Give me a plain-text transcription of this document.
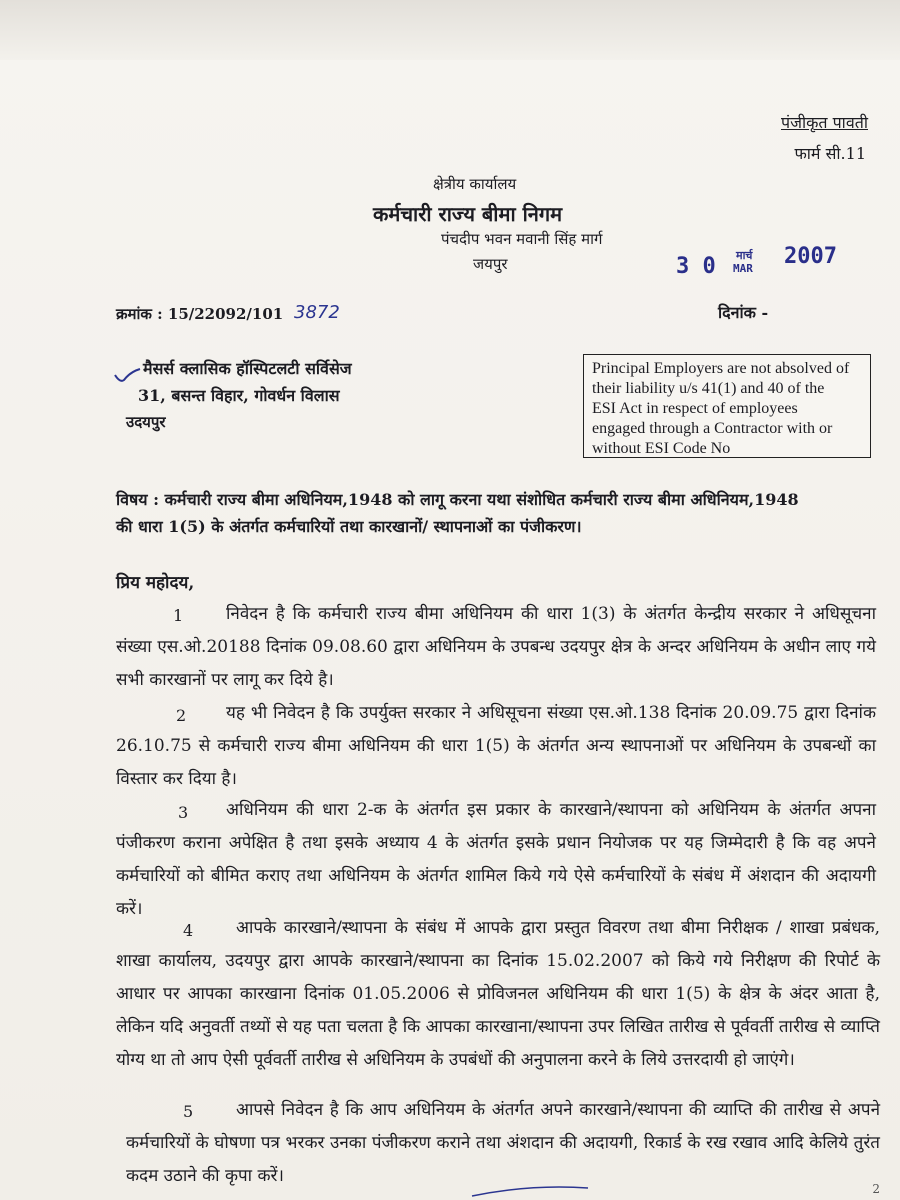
पंजीकृत पावती
फार्म सी.11
क्षेत्रीय कार्यालय
कर्मचारी राज्य बीमा निगम
पंचदीप भवन मवानी सिंह मार्ग
जयपुर	3 0 मार्च
MAR 2007
क्रमांक : 15/22092/101 3872	दिनांक -
मैसर्स क्लासिक हॉस्पिटलटी सर्विसेज
31, बसन्त विहार, गोवर्धन विलास
उदयपुर
Principal Employers are not absolved of
their liability u/s 41(1) and 40 of the
ESI Act in respect of employees
engaged through a Contractor with or
without ESI Code No
विषय : कर्मचारी राज्य बीमा अधिनियम,1948 को लागू करना यथा संशोधित कर्मचारी राज्य बीमा अधिनियम,1948
की धारा 1(5) के अंतर्गत कर्मचारियों तथा कारखानों/ स्थापनाओं का पंजीकरण।
प्रिय महोदय,
1	निवेदन है कि कर्मचारी राज्य बीमा अधिनियम की धारा 1(3) के अंतर्गत केन्द्रीय सरकार ने अधिसूचना संख्या एस.ओ.20188 दिनांक 09.08.60 द्वारा अधिनियम के उपबन्ध उदयपुर क्षेत्र के अन्दर अधिनियम के अधीन लाए गये सभी कारखानों पर लागू कर दिये है।
2	यह भी निवेदन है कि उपर्युक्त सरकार ने अधिसूचना संख्या एस.ओ.138 दिनांक 20.09.75 द्वारा दिनांक 26.10.75 से कर्मचारी राज्य बीमा अधिनियम की धारा 1(5) के अंतर्गत अन्य स्थापनाओं पर अधिनियम के उपबन्धों का विस्तार कर दिया है।
3	अधिनियम की धारा 2-क के अंतर्गत इस प्रकार के कारखाने/स्थापना को अधिनियम के अंतर्गत अपना पंजीकरण कराना अपेक्षित है तथा इसके अध्याय 4 के अंतर्गत इसके प्रधान नियोजक पर यह जिम्मेदारी है कि वह अपने कर्मचारियों को बीमित कराए तथा अधिनियम के अंतर्गत शामिल किये गये ऐसे कर्मचारियों के संबंध में अंशदान की अदायगी करें।
4	आपके कारखाने/स्थापना के संबंध में आपके द्वारा प्रस्तुत विवरण तथा बीमा निरीक्षक / शाखा प्रबंधक, शाखा कार्यालय, उदयपुर द्वारा आपके कारखाने/स्थापना का दिनांक 15.02.2007 को किये गये निरीक्षण की रिपोर्ट के आधार पर आपका कारखाना दिनांक 01.05.2006 से प्रोविजनल अधिनियम की धारा 1(5) के क्षेत्र के अंदर आता है, लेकिन यदि अनुवर्ती तथ्यों से यह पता चलता है कि आपका कारखाना/स्थापना उपर लिखित तारीख से पूर्ववर्ती तारीख से व्याप्ति योग्य था तो आप ऐसी पूर्ववर्ती तारीख से अधिनियम के उपबंधों की अनुपालना करने के लिये उत्तरदायी हो जाएंगे।
5	आपसे निवेदन है कि आप अधिनियम के अंतर्गत अपने कारखाने/स्थापना की व्याप्ति की तारीख से अपने कर्मचारियों के घोषणा पत्र भरकर उनका पंजीकरण कराने तथा अंशदान की अदायगी, रिकार्ड के रख रखाव आदि केलिये तुरंत कदम उठाने की कृपा करें।
2
